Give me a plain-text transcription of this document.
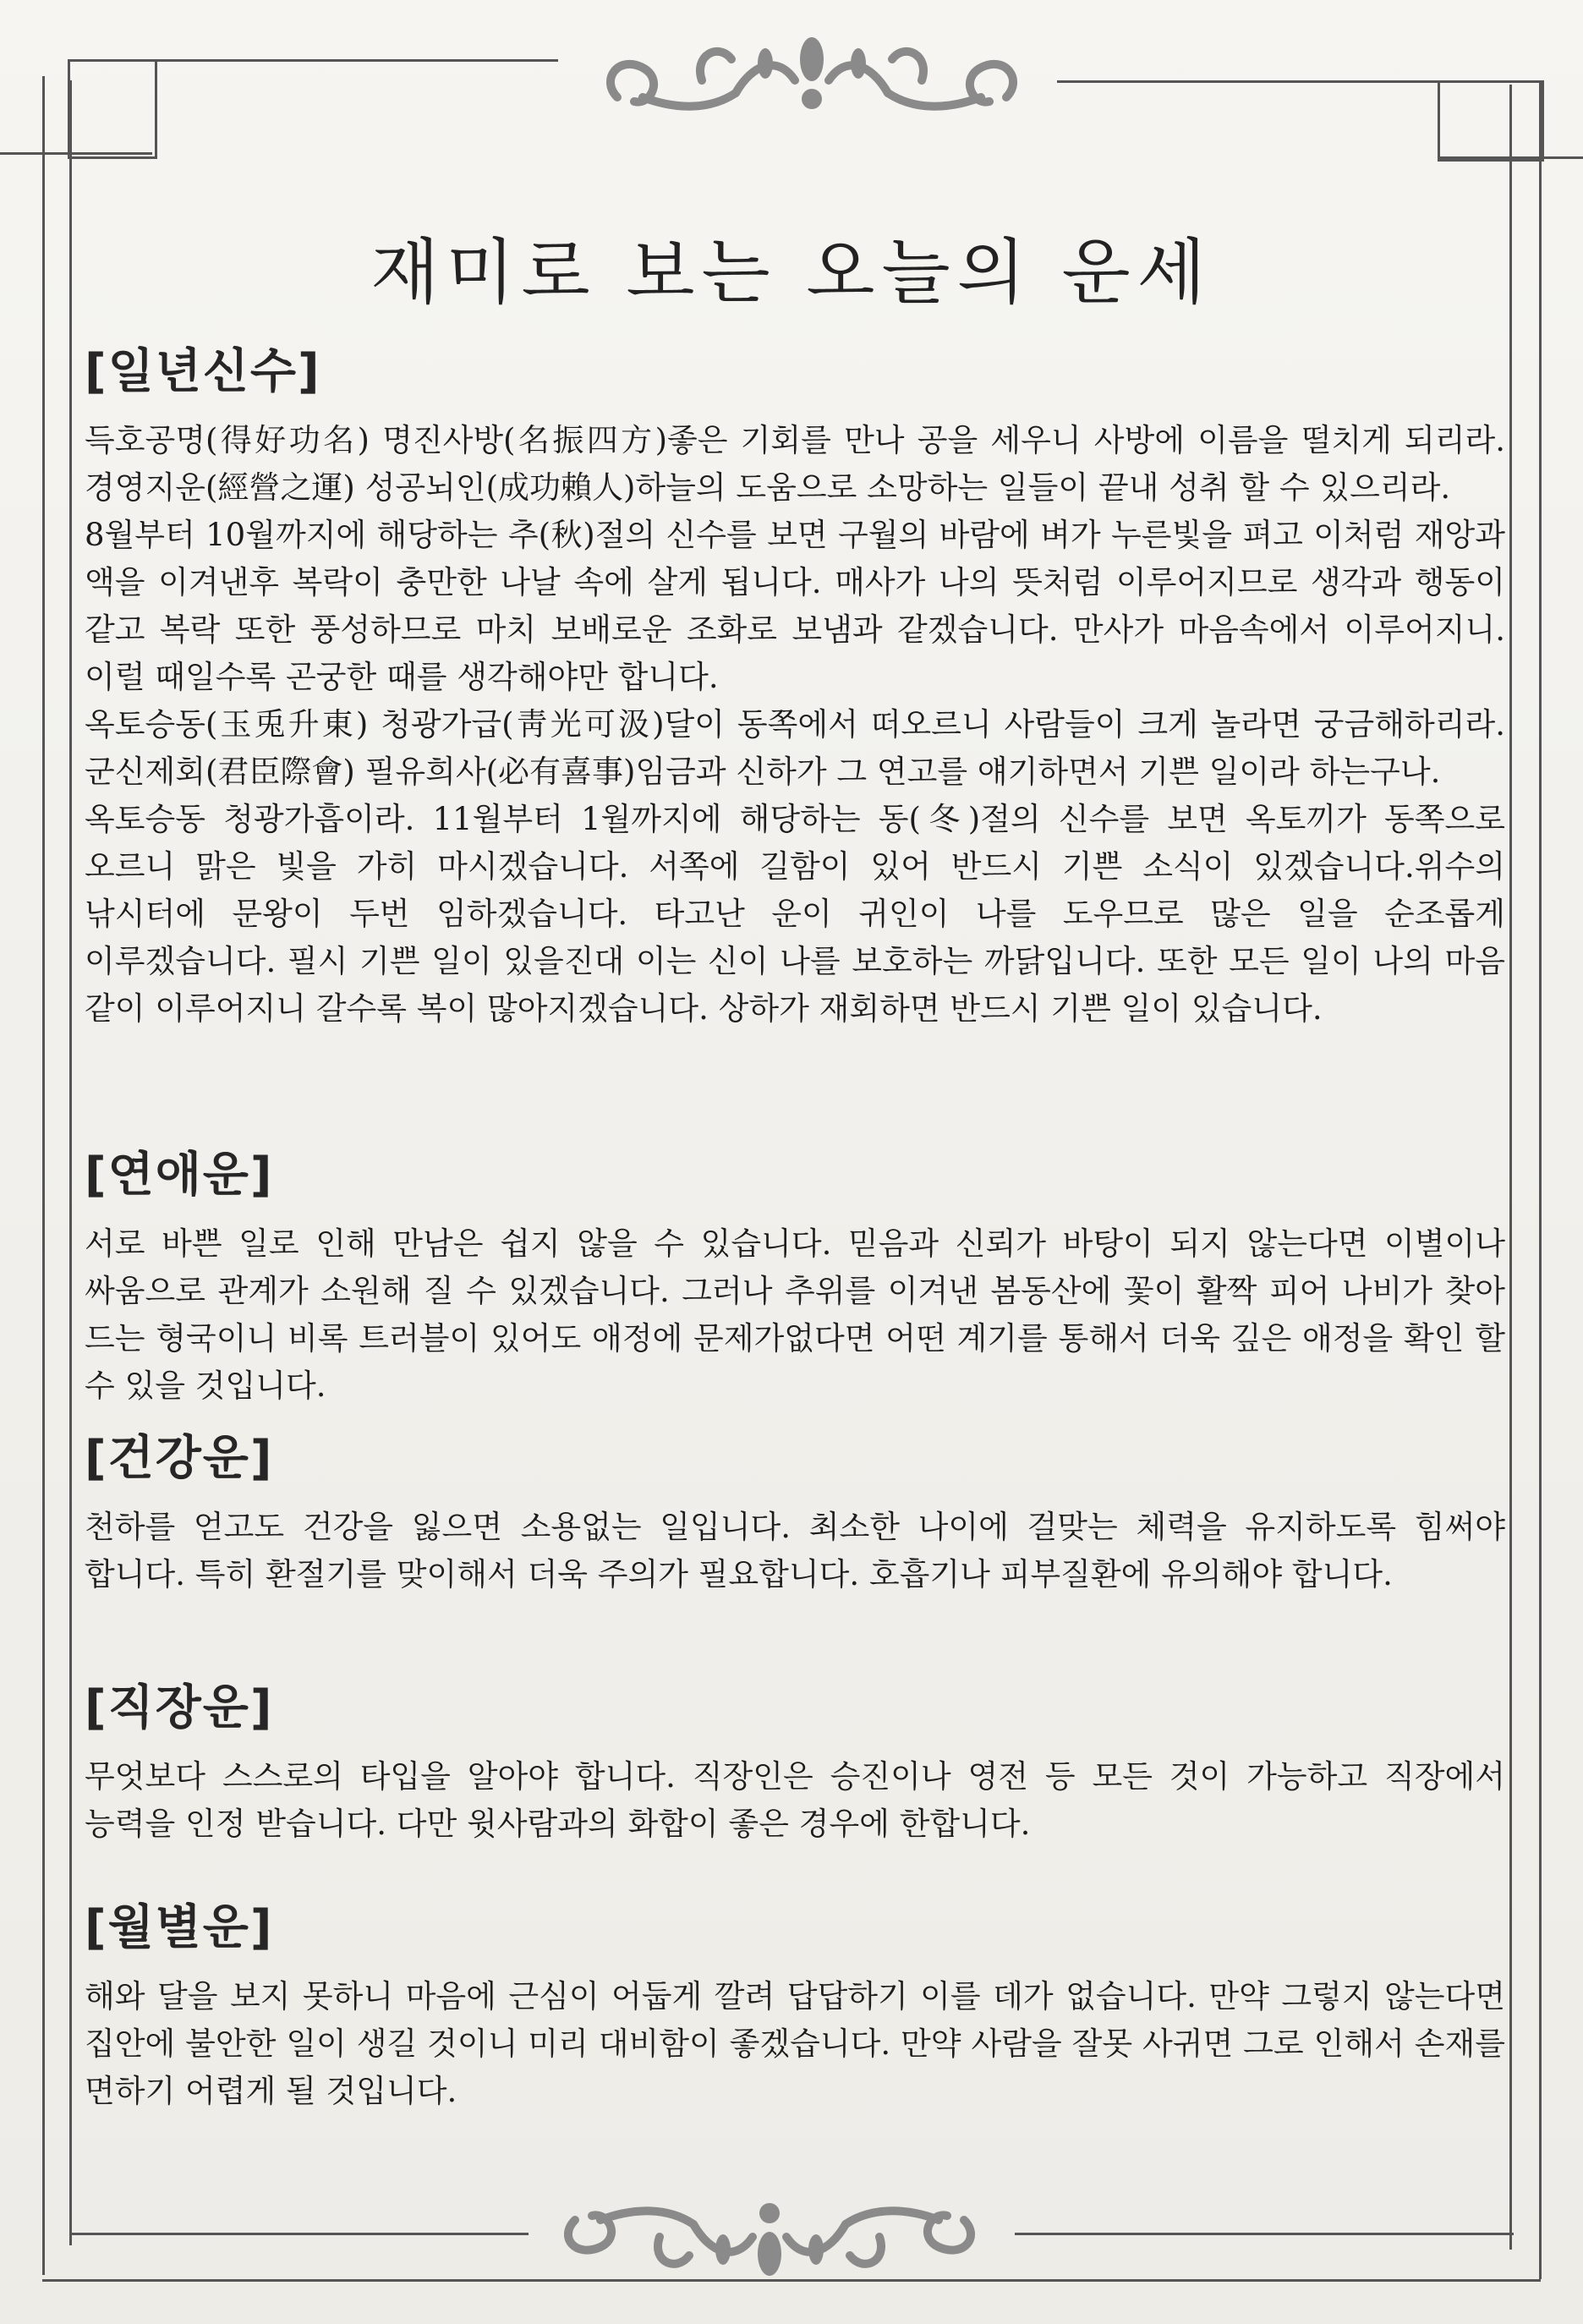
재미로 보는 오늘의 운세
[일년신수]

득호공명(得好功名) 명진사방(名振四方)좋은 기회를 만나 공을 세우니 사방에 이름을 떨치게 되리라. 경영지운(經營之運) 성공뇌인(成功賴人)하늘의 도움으로 소망하는 일들이 끝내 성취 할 수 있으리라.

8월부터 10월까지에 해당하는 추(秋)절의 신수를 보면 구월의 바람에 벼가 누른빛을 펴고 이처럼 재앙과 액을 이겨낸후 복락이 충만한 나날 속에 살게 됩니다. 매사가 나의 뜻처럼 이루어지므로 생각과 행동이 같고 복락 또한 풍성하므로 마치 보배로운 조화로 보냄과 같겠습니다. 만사가 마음속에서 이루어지니. 이럴 때일수록 곤궁한 때를 생각해야만 합니다.

옥토승동(玉兎升東) 청광가급(靑光可汲)달이 동쪽에서 떠오르니 사람들이 크게 놀라면 궁금해하리라. 군신제회(君臣際會) 필유희사(必有喜事)임금과 신하가 그 연고를 얘기하면서 기쁜 일이라 하는구나.

옥토승동 청광가흡이라. 11월부터 1월까지에 해당하는 동(冬)절의 신수를 보면 옥토끼가 동쪽으로 오르니 맑은 빛을 가히 마시겠습니다. 서쪽에 길함이 있어 반드시 기쁜 소식이 있겠습니다.위수의 낚시터에 문왕이 두번 임하겠습니다. 타고난 운이 귀인이 나를 도우므로 많은 일을 순조롭게 이루겠습니다. 필시 기쁜 일이 있을진대 이는 신이 나를 보호하는 까닭입니다. 또한 모든 일이 나의 마음 같이 이루어지니 갈수록 복이 많아지겠습니다. 상하가 재회하면 반드시 기쁜 일이 있습니다.

[연애운]

서로 바쁜 일로 인해 만남은 쉽지 않을 수 있습니다. 믿음과 신뢰가 바탕이 되지 않는다면 이별이나 싸움으로 관계가 소원해 질 수 있겠습니다. 그러나 추위를 이겨낸 봄동산에 꽃이 활짝 피어 나비가 찾아 드는 형국이니 비록 트러블이 있어도 애정에 문제가없다면 어떤 계기를 통해서 더욱 깊은 애정을 확인 할 수 있을 것입니다.

[건강운]

천하를 얻고도 건강을 잃으면 소용없는 일입니다. 최소한 나이에 걸맞는 체력을 유지하도록 힘써야 합니다. 특히 환절기를 맞이해서 더욱 주의가 필요합니다. 호흡기나 피부질환에 유의해야 합니다.

[직장운]

무엇보다 스스로의 타입을 알아야 합니다. 직장인은 승진이나 영전 등 모든 것이 가능하고 직장에서 능력을 인정 받습니다. 다만 윗사람과의 화합이 좋은 경우에 한합니다.

[월별운]

해와 달을 보지 못하니 마음에 근심이 어둡게 깔려 답답하기 이를 데가 없습니다. 만약 그렇지 않는다면 집안에 불안한 일이 생길 것이니 미리 대비함이 좋겠습니다. 만약 사람을 잘못 사귀면 그로 인해서 손재를 면하기 어렵게 될 것입니다.
